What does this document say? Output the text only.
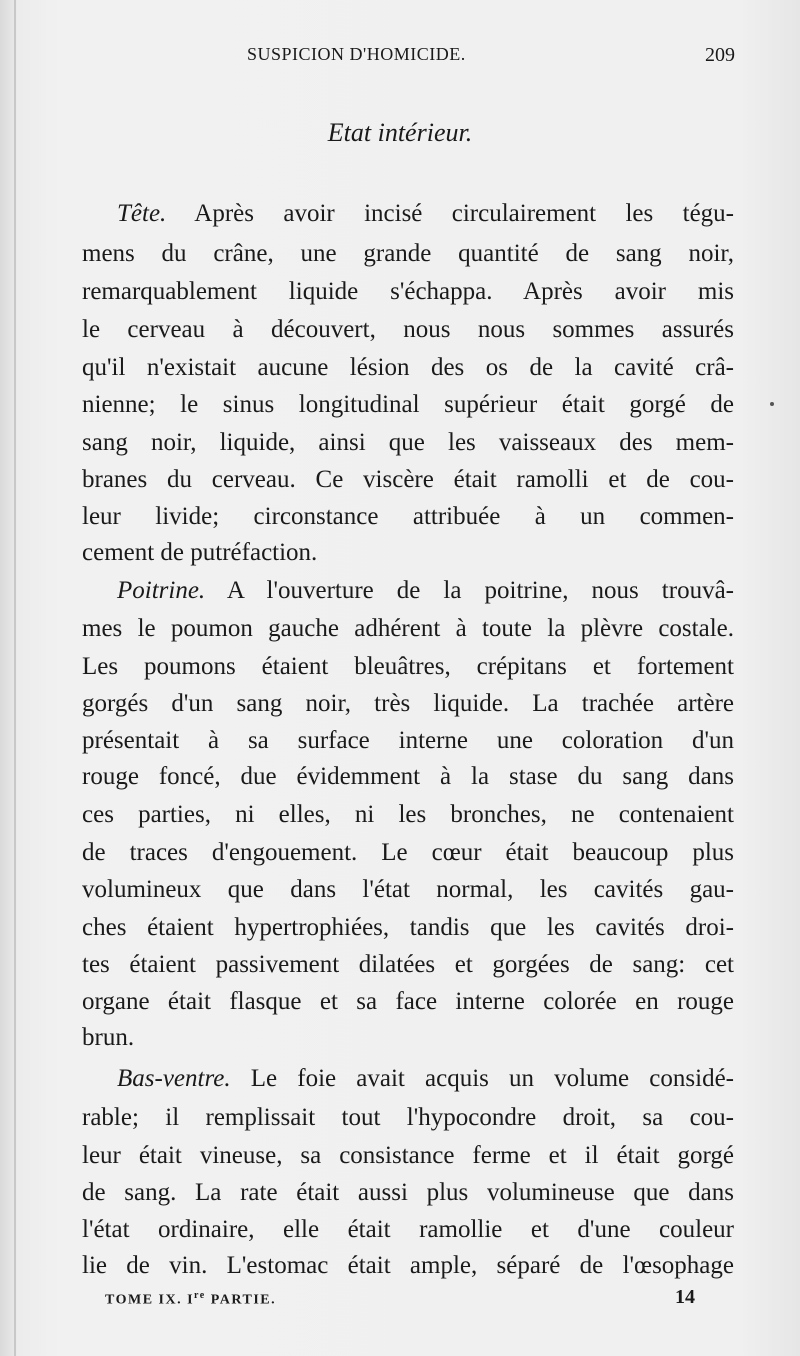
SUSPICION D'HOMICIDE.	209
Etat intérieur.
Tête. Après avoir incisé circulairement les tégu-
mens du crâne, une grande quantité de sang noir,
remarquablement liquide s'échappa. Après avoir mis
le cerveau à découvert, nous nous sommes assurés
qu'il n'existait aucune lésion des os de la cavité crâ-
nienne; le sinus longitudinal supérieur était gorgé de
sang noir, liquide, ainsi que les vaisseaux des mem-
branes du cerveau. Ce viscère était ramolli et de cou-
leur livide; circonstance attribuée à un commen-
cement de putréfaction.
Poitrine. A l'ouverture de la poitrine, nous trouvâ-
mes le poumon gauche adhérent à toute la plèvre costale.
Les poumons étaient bleuâtres, crépitans et fortement
gorgés d'un sang noir, très liquide. La trachée artère
présentait à sa surface interne une coloration d'un
rouge foncé, due évidemment à la stase du sang dans
ces parties, ni elles, ni les bronches, ne contenaient
de traces d'engouement. Le cœur était beaucoup plus
volumineux que dans l'état normal, les cavités gau-
ches étaient hypertrophiées, tandis que les cavités droi-
tes étaient passivement dilatées et gorgées de sang: cet
organe était flasque et sa face interne colorée en rouge
brun.
Bas-ventre. Le foie avait acquis un volume considé-
rable; il remplissait tout l'hypocondre droit, sa cou-
leur était vineuse, sa consistance ferme et il était gorgé
de sang. La rate était aussi plus volumineuse que dans
l'état ordinaire, elle était ramollie et d'une couleur
lie de vin. L'estomac était ample, séparé de l'œsophage
TOME IX. Ire PARTIE.	14
